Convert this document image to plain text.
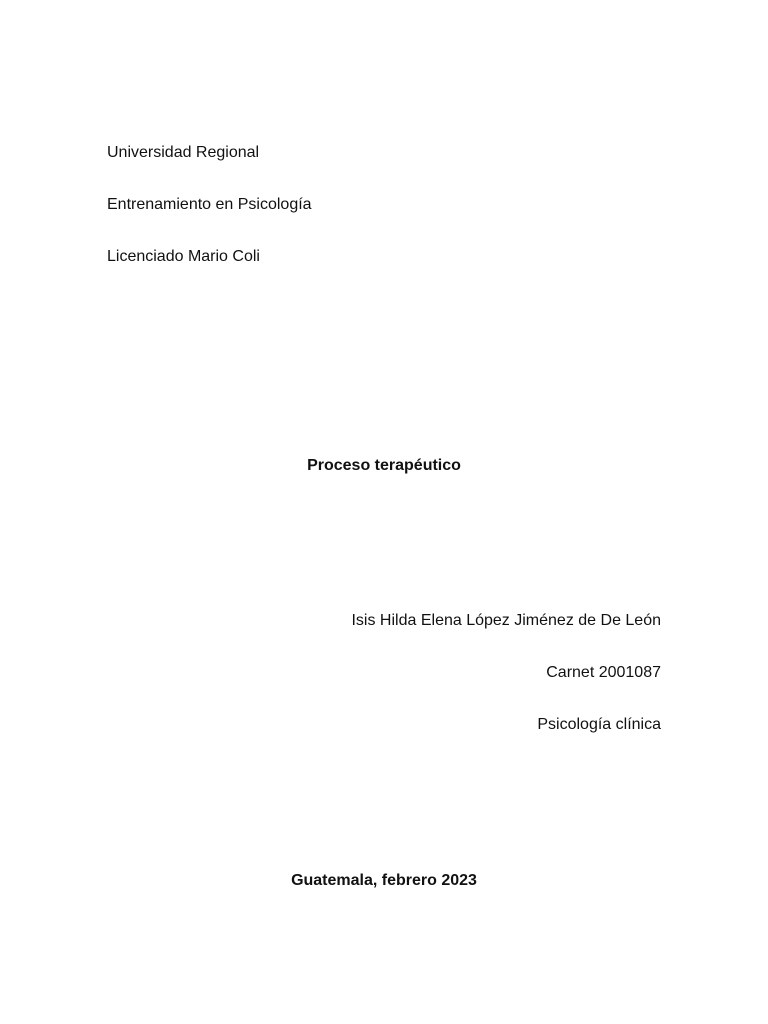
Universidad Regional
Entrenamiento en Psicología
Licenciado Mario Coli
Proceso terapéutico
Isis Hilda Elena López Jiménez de De León
Carnet 2001087
Psicología clínica
Guatemala, febrero 2023
